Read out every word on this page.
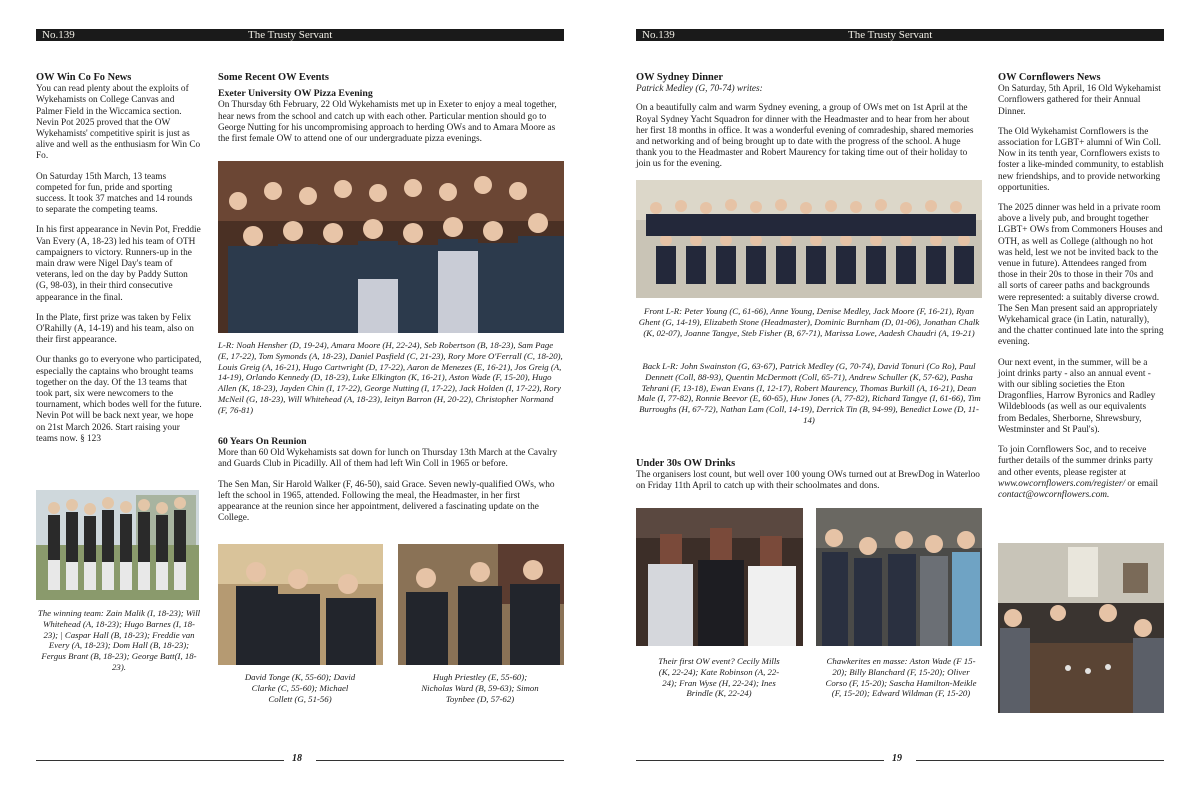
No.139	The Trusty Servant
OW Win Co Fo News

You can read plenty about the exploits of Wykehamists on College Canvas and Palmer Field in the Wiccamica section. Nevin Pot 2025 proved that the OW Wykehamists' competitive spirit is just as alive and well as the enthusiasm for Win Co Fo.

On Saturday 15th March, 13 teams competed for fun, pride and sporting success. It took 37 matches and 14 rounds to separate the competing teams.

In his first appearance in Nevin Pot, Freddie Van Every (A, 18-23) led his team of OTH campaigners to victory. Runners-up in the main draw were Nigel Day's team of veterans, led on the day by Paddy Sutton (G, 98-03), in their third consecutive appearance in the final.

In the Plate, first prize was taken by Felix O'Rahilly (A, 14-19) and his team, also on their first appearance.

Our thanks go to everyone who participated, especially the captains who brought teams together on the day. Of the 13 teams that took part, six were newcomers to the tournament, which bodes well for the future. Nevin Pot will be back next year, we hope on 21st March 2026. Start raising your teams now. § 123

The winning team: Zain Malik (I, 18-23); Will Whitehead (A, 18-23); Hugo Barnes (I, 18-23); | Caspar Hall (B, 18-23); Freddie van Every (A, 18-23); Dom Hall (B, 18-23); Fergus Brant (B, 18-23); George Batt(I, 18-23).
Some Recent OW Events
Exeter University OW Pizza Evening

On Thursday 6th February, 22 Old Wykehamists met up in Exeter to enjoy a meal together, hear news from the school and catch up with each other. Particular mention should go to George Nutting for his uncompromising approach to herding OWs and to Amara Moore as the first female OW to attend one of our undergraduate pizza evenings.

L-R: Noah Hensher (D, 19-24), Amara Moore (H, 22-24), Seb Robertson (B, 18-23), Sam Page (E, 17-22), Tom Symonds (A, 18-23), Daniel Pasfield (C, 21-23), Rory More O'Ferrall (C, 18-20), Louis Greig (A, 16-21), Hugo Cartwright (D, 17-22), Aaron de Menezes (E, 16-21), Jos Greig (A, 14-19), Orlando Kennedy (D, 18-23), Luke Elkington (K, 16-21), Aston Wade (F, 15-20), Hugo Allen (K, 18-23), Jayden Chin (I, 17-22), George Nutting (I, 17-22), Jack Holden (I, 17-22), Rory McNeil (G, 18-23), Will Whitehead (A, 18-23), Ieityn Barron (H, 20-22), Christopher Normand (F, 76-81)
60 Years On Reunion

More than 60 Old Wykehamists sat down for lunch on Thursday 13th March at the Cavalry and Guards Club in Picadilly. All of them had left Win Coll in 1965 or before.

The Sen Man, Sir Harold Walker (F, 46-50), said Grace. Seven newly-qualified OWs, who left the school in 1965, attended. Following the meal, the Headmaster, in her first appearance at the reunion since her appointment, delivered a fascinating update on the College.

David Tonge (K, 55-60); David Clarke (C, 55-60); Michael Collett (G, 51-56)
Hugh Priestley (E, 55-60); Nicholas Ward (B, 59-63); Simon Toynbee (D, 57-62)
18
No.139	The Trusty Servant
OW Sydney Dinner

Patrick Medley (G, 70-74) writes:

On a beautifully calm and warm Sydney evening, a group of OWs met on 1st April at the Royal Sydney Yacht Squadron for dinner with the Headmaster and to hear from her about her first 18 months in office. It was a wonderful evening of comradeship, shared memories and networking and of being brought up to date with the progress of the school. A huge thank you to the Headmaster and Robert Maurency for taking time out of their holiday to join us for the evening.

Front L-R: Peter Young (C, 61-66), Anne Young, Denise Medley, Jack Moore (F, 16-21), Ryan Ghent (G, 14-19), Elizabeth Stone (Headmaster), Dominic Burnham (D, 01-06), Jonathan Chalk (K, 02-07), Joanne Tangye, Steb Fisher (B, 67-71), Marissa Lowe, Aadesh Chaudri (A, 19-21)
Back L-R: John Swainston (G, 63-67), Patrick Medley (G, 70-74), David Tonuri (Co Ro), Paul Dennett (Coll, 88-93), Quentin McDermott (Coll, 65-71), Andrew Schuller (K, 57-62), Pasha Tehrani (F, 13-18), Ewan Evans (I, 12-17), Robert Maurency, Thomas Burkill (A, 16-21), Dean Male (I, 77-82), Ronnie Beevor (E, 60-65), Huw Jones (A, 77-82), Richard Tangye (I, 61-66), Tim Burroughs (H, 67-72), Nathan Lam (Coll, 14-19), Derrick Tin (B, 94-99), Benedict Lowe (D, 11-14)
Under 30s OW Drinks

The organisers lost count, but well over 100 young OWs turned out at BrewDog in Waterloo on Friday 11th April to catch up with their schoolmates and dons.

Their first OW event? Cecily Mills (K, 22-24); Kate Robinson (A, 22-24); Fran Wyse (H, 22-24); Ines Brindle (K, 22-24)
Chawkerites en masse: Aston Wade (F 15-20); Billy Blanchard (F, 15-20); Oliver Corso (F, 15-20); Sascha Hamilton-Meikle (F, 15-20); Edward Wildman (F, 15-20)
OW Cornflowers News

On Saturday, 5th April, 16 Old Wykehamist Cornflowers gathered for their Annual Dinner.

The Old Wykehamist Cornflowers is the association for LGBT+ alumni of Win Coll. Now in its tenth year, Cornflowers exists to foster a like-minded community, to establish new friendships, and to provide networking opportunities.

The 2025 dinner was held in a private room above a lively pub, and brought together LGBT+ OWs from Commoners Houses and OTH, as well as College (although no hot was held, lest we not be invited back to the venue in future). Attendees ranged from those in their 20s to those in their 70s and all sorts of career paths and backgrounds were represented: a suitably diverse crowd. The Sen Man present said an appropriately Wykehamical grace (in Latin, naturally), and the chatter continued late into the spring evening.

Our next event, in the summer, will be a joint drinks party - also an annual event - with our sibling societies the Eton Dragonflies, Harrow Byronics and Radley Wildebloods (as well as our equivalents from Bedales, Sherborne, Shrewsbury, Westminster and St Paul's).

To join Cornflowers Soc, and to receive further details of the summer drinks party and other events, please register at www.owcornflowers.com/register/ or email contact@owcornflowers.com.

19
